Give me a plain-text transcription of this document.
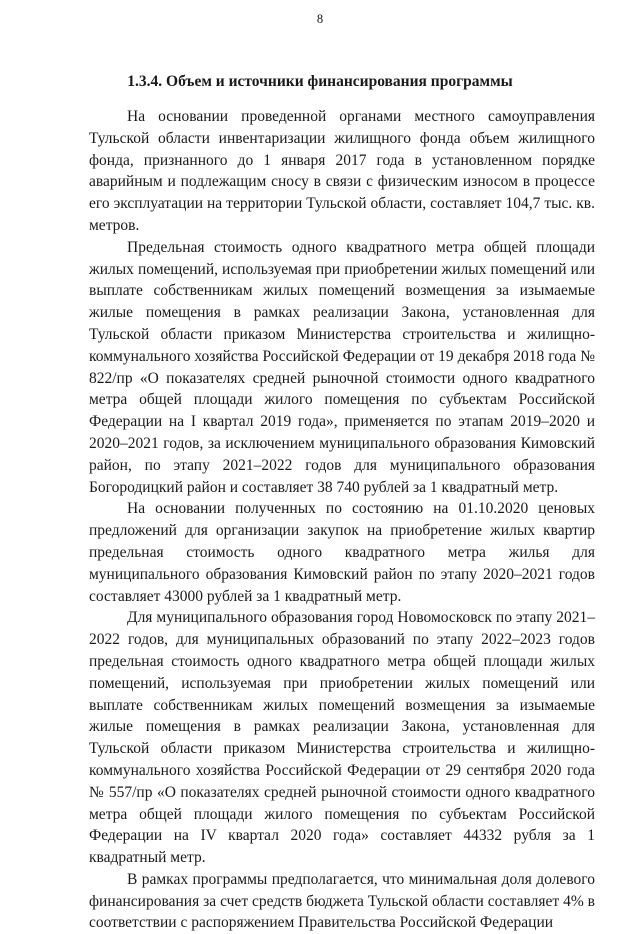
8
1.3.4. Объем и источники финансирования программы

На основании проведенной органами местного самоуправления Тульской области инвентаризации жилищного фонда объем жилищного фонда, признанного до 1 января 2017 года в установленном порядке аварийным и подлежащим сносу в связи с физическим износом в процессе его эксплуатации на территории Тульской области, составляет 104,7 тыс. кв. метров.

Предельная стоимость одного квадратного метра общей площади жилых помещений, используемая при приобретении жилых помещений или выплате собственникам жилых помещений возмещения за изымаемые жилые помещения в рамках реализации Закона, установленная для Тульской области приказом Министерства строительства и жилищно-коммунального хозяйства Российской Федерации от 19 декабря 2018 года № 822/пр «О показателях средней рыночной стоимости одного квадратного метра общей площади жилого помещения по субъектам Российской Федерации на I квартал 2019 года», применяется по этапам 2019–2020 и 2020–2021 годов, за исключением муниципального образования Кимовский район, по этапу 2021–2022 годов для муниципального образования Богородицкий район и составляет 38 740 рублей за 1 квадратный метр.

На основании полученных по состоянию на 01.10.2020 ценовых предложений для организации закупок на приобретение жилых квартир предельная стоимость одного квадратного метра жилья для муниципального образования Кимовский район по этапу 2020–2021 годов составляет 43000 рублей за 1 квадратный метр.

Для муниципального образования город Новомосковск по этапу 2021–2022 годов, для муниципальных образований по этапу 2022–2023 годов предельная стоимость одного квадратного метра общей площади жилых помещений, используемая при приобретении жилых помещений или выплате собственникам жилых помещений возмещения за изымаемые жилые помещения в рамках реализации Закона, установленная для Тульской области приказом Министерства строительства и жилищно-коммунального хозяйства Российской Федерации от 29 сентября 2020 года № 557/пр «О показателях средней рыночной стоимости одного квадратного метра общей площади жилого помещения по субъектам Российской Федерации на IV квартал 2020 года» составляет 44332 рубля за 1 квадратный метр.

В рамках программы предполагается, что минимальная доля долевого финансирования за счет средств бюджета Тульской области составляет 4% в соответствии с распоряжением Правительства Российской Федерации
